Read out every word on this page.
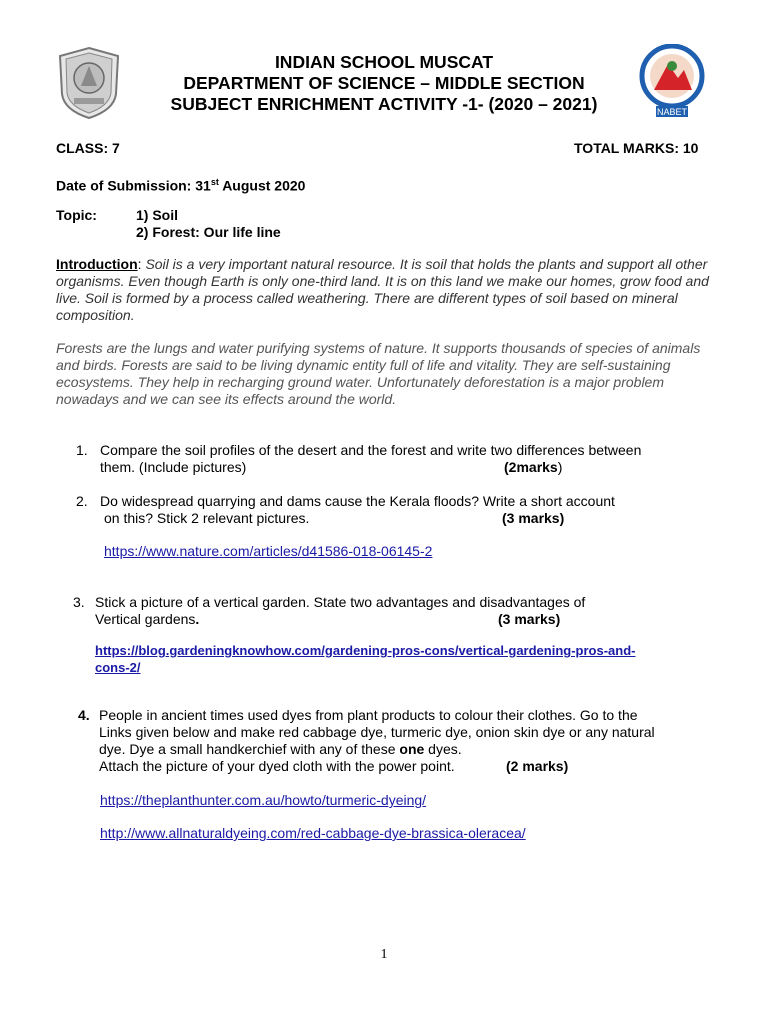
NABET
INDIAN SCHOOL MUSCAT
DEPARTMENT OF SCIENCE – MIDDLE SECTION
SUBJECT ENRICHMENT ACTIVITY -1- (2020 – 2021)
CLASS: 7	TOTAL MARKS: 10
Date of Submission: 31st August 2020
Topic:	1) Soil
2) Forest: Our life line
Introduction: Soil is a very important natural resource. It is soil that holds the plants and support all other organisms. Even though Earth is only one-third land. It is on this land we make our homes, grow food and live. Soil is formed by a process called weathering. There are different types of soil based on mineral composition.
Forests are the lungs and water purifying systems of nature. It supports thousands of species of animals and birds. Forests are said to be living dynamic entity full of life and vitality. They are self-sustaining ecosystems. They help in recharging ground water. Unfortunately deforestation is a major problem nowadays and we can see its effects around the world.
1. Compare the soil profiles of the desert and the forest and write two differences between
them. (Include pictures)	(2marks)
2. Do widespread quarrying and dams cause the Kerala floods? Write a short account
on this? Stick 2 relevant pictures.	(3 marks)
https://www.nature.com/articles/d41586-018-06145-2
3. Stick a picture of a vertical garden. State two advantages and disadvantages of
Vertical gardens.	(3 marks)
https://blog.gardeningknowhow.com/gardening-pros-cons/vertical-gardening-pros-and-
cons-2/
4. People in ancient times used dyes from plant products to colour their clothes. Go to the
Links given below and make red cabbage dye, turmeric dye, onion skin dye or any natural
dye. Dye a small handkerchief with any of these one dyes.
Attach the picture of your dyed cloth with the power point.	(2 marks)
https://theplanthunter.com.au/howto/turmeric-dyeing/
http://www.allnaturaldyeing.com/red-cabbage-dye-brassica-oleracea/
1
